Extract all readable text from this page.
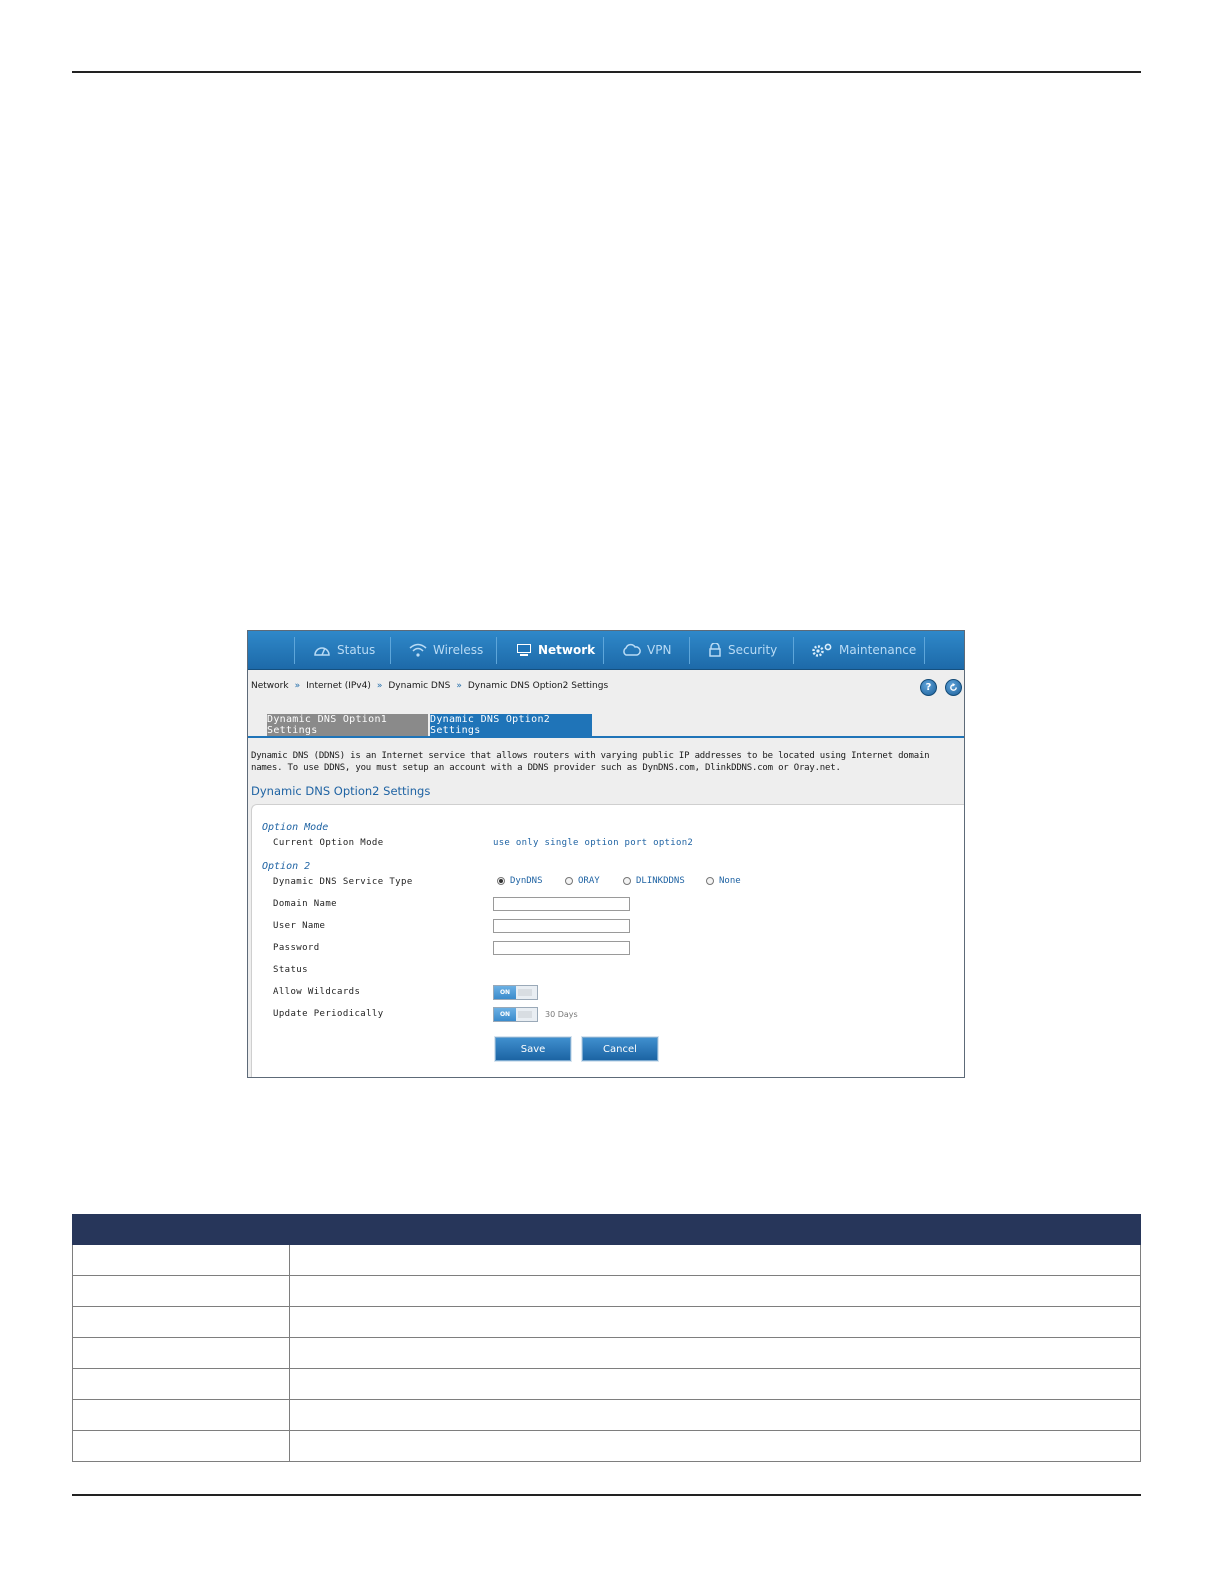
Status	Wireless	Network	VPN	Security	Maintenance
Network » Internet (IPv4) » Dynamic DNS » Dynamic DNS Option2 Settings	?
Dynamic DNS Option1 Settings
Dynamic DNS Option2 Settings
Dynamic DNS (DDNS) is an Internet service that allows routers with varying public IP addresses to be located using Internet domain names. To use DDNS, you must setup an account with a DDNS provider such as DynDNS.com, DlinkDDNS.com or Oray.net.
Dynamic DNS Option2 Settings
Option Mode
Current Option Mode	use only single option port option2
Option 2
Dynamic DNS Service Type	DynDNS	ORAY	DLINKDDNS	None
Domain Name
User Name
Password
Status
Allow Wildcards	ON
Update Periodically	ON	30 Days
Save	Cancel
